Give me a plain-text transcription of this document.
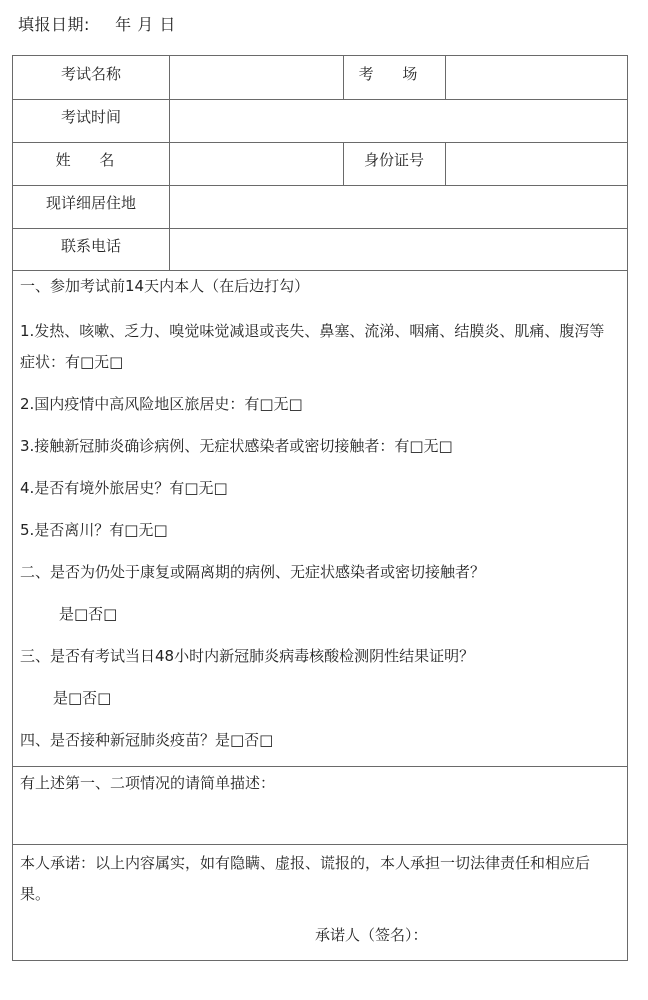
填报日期: 年 月 日
考试名称	考 场
考试时间
姓 名	身份证号
现详细居住地
联系电话
一、参加考试前14天内本人（在后边打勾）
1.发热、咳嗽、乏力、嗅觉味觉减退或丧失、鼻塞、流涕、咽痛、结膜炎、肌痛、腹泻等症状：有□无□
2.国内疫情中高风险地区旅居史：有□无□
3.接触新冠肺炎确诊病例、无症状感染者或密切接触者：有□无□
4.是否有境外旅居史？有□无□
5.是否离川？有□无□
二、是否为仍处于康复或隔离期的病例、无症状感染者或密切接触者？
是□否□
三、是否有考试当日48小时内新冠肺炎病毒核酸检测阴性结果证明？
是□否□
四、是否接种新冠肺炎疫苗？是□否□
有上述第一、二项情况的请简单描述：
本人承诺：以上内容属实，如有隐瞒、虚报、谎报的，本人承担一切法律责任和相应后果。
承诺人（签名）：
